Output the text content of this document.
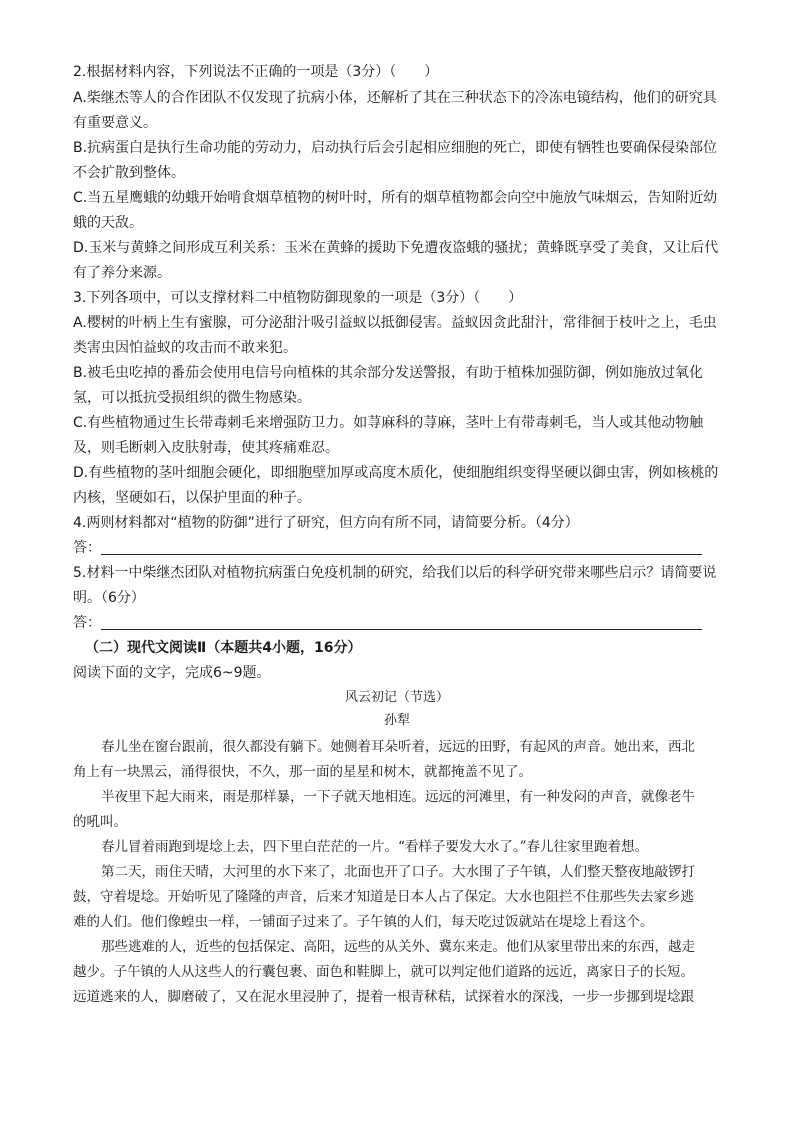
2.根据材料内容，下列说法不正确的一项是（3分）（　　）
A.柴继杰等人的合作团队不仅发现了抗病小体，还解析了其在三种状态下的冷冻电镜结构，他们的研究具
有重要意义。
B.抗病蛋白是执行生命功能的劳动力，启动执行后会引起相应细胞的死亡，即使有牺牲也要确保侵染部位
不会扩散到整体。
C.当五星鹰蛾的幼蛾开始啃食烟草植物的树叶时，所有的烟草植物都会向空中施放气味烟云，告知附近幼
蛾的天敌。
D.玉米与黄蜂之间形成互利关系：玉米在黄蜂的援助下免遭夜盗蛾的骚扰；黄蜂既享受了美食，又让后代
有了养分来源。
3.下列各项中，可以支撑材料二中植物防御现象的一项是（3分）（　　）
A.樱树的叶柄上生有蜜腺，可分泌甜汁吸引益蚁以抵御侵害。益蚁因贪此甜汁，常徘徊于枝叶之上，毛虫
类害虫因怕益蚁的攻击而不敢来犯。
B.被毛虫吃掉的番茄会使用电信号向植株的其余部分发送警报，有助于植株加强防御，例如施放过氧化
氢，可以抵抗受损组织的微生物感染。
C.有些植物通过生长带毒刺毛来增强防卫力。如荨麻科的荨麻，茎叶上有带毒刺毛，当人或其他动物触
及，则毛断刺入皮肤射毒，使其疼痛难忍。
D.有些植物的茎叶细胞会硬化，即细胞壁加厚或高度木质化，使细胞组织变得坚硬以御虫害，例如核桃的
内核，坚硬如石，以保护里面的种子。
4.两则材料都对“植物的防御”进行了研究，但方向有所不同，请简要分析。（4分）
答：
5.材料一中柴继杰团队对植物抗病蛋白免疫机制的研究，给我们以后的科学研究带来哪些启示？请简要说
明。（6分）
答：
（二）现代文阅读Ⅱ（本题共4小题，16分）
阅读下面的文字，完成6~9题。
风云初记（节选）
孙犁
春儿坐在窗台跟前，很久都没有躺下。她侧着耳朵听着，远远的田野，有起风的声音。她出来，西北
角上有一块黑云，涌得很快，不久，那一面的星星和树木，就都掩盖不见了。
半夜里下起大雨来，雨是那样暴，一下子就天地相连。远远的河滩里，有一种发闷的声音，就像老牛
的吼叫。
春儿冒着雨跑到堤埝上去，四下里白茫茫的一片。“看样子要发大水了。”春儿往家里跑着想。
第二天，雨住天晴，大河里的水下来了，北面也开了口子。大水围了子午镇，人们整天整夜地敲锣打
鼓，守着堤埝。开始听见了隆隆的声音，后来才知道是日本人占了保定。大水也阻拦不住那些失去家乡逃
难的人们。他们像蝗虫一样，一铺面子过来了。子午镇的人们，每天吃过饭就站在堤埝上看这个。
那些逃难的人，近些的包括保定、高阳，远些的从关外、冀东来走。他们从家里带出来的东西，越走
越少。子午镇的人从这些人的行囊包裹、面色和鞋脚上，就可以判定他们道路的远近，离家日子的长短。
远道逃来的人，脚磨破了，又在泥水里浸肿了，提着一根青秫秸，试探着水的深浅，一步一步挪到堤埝跟
